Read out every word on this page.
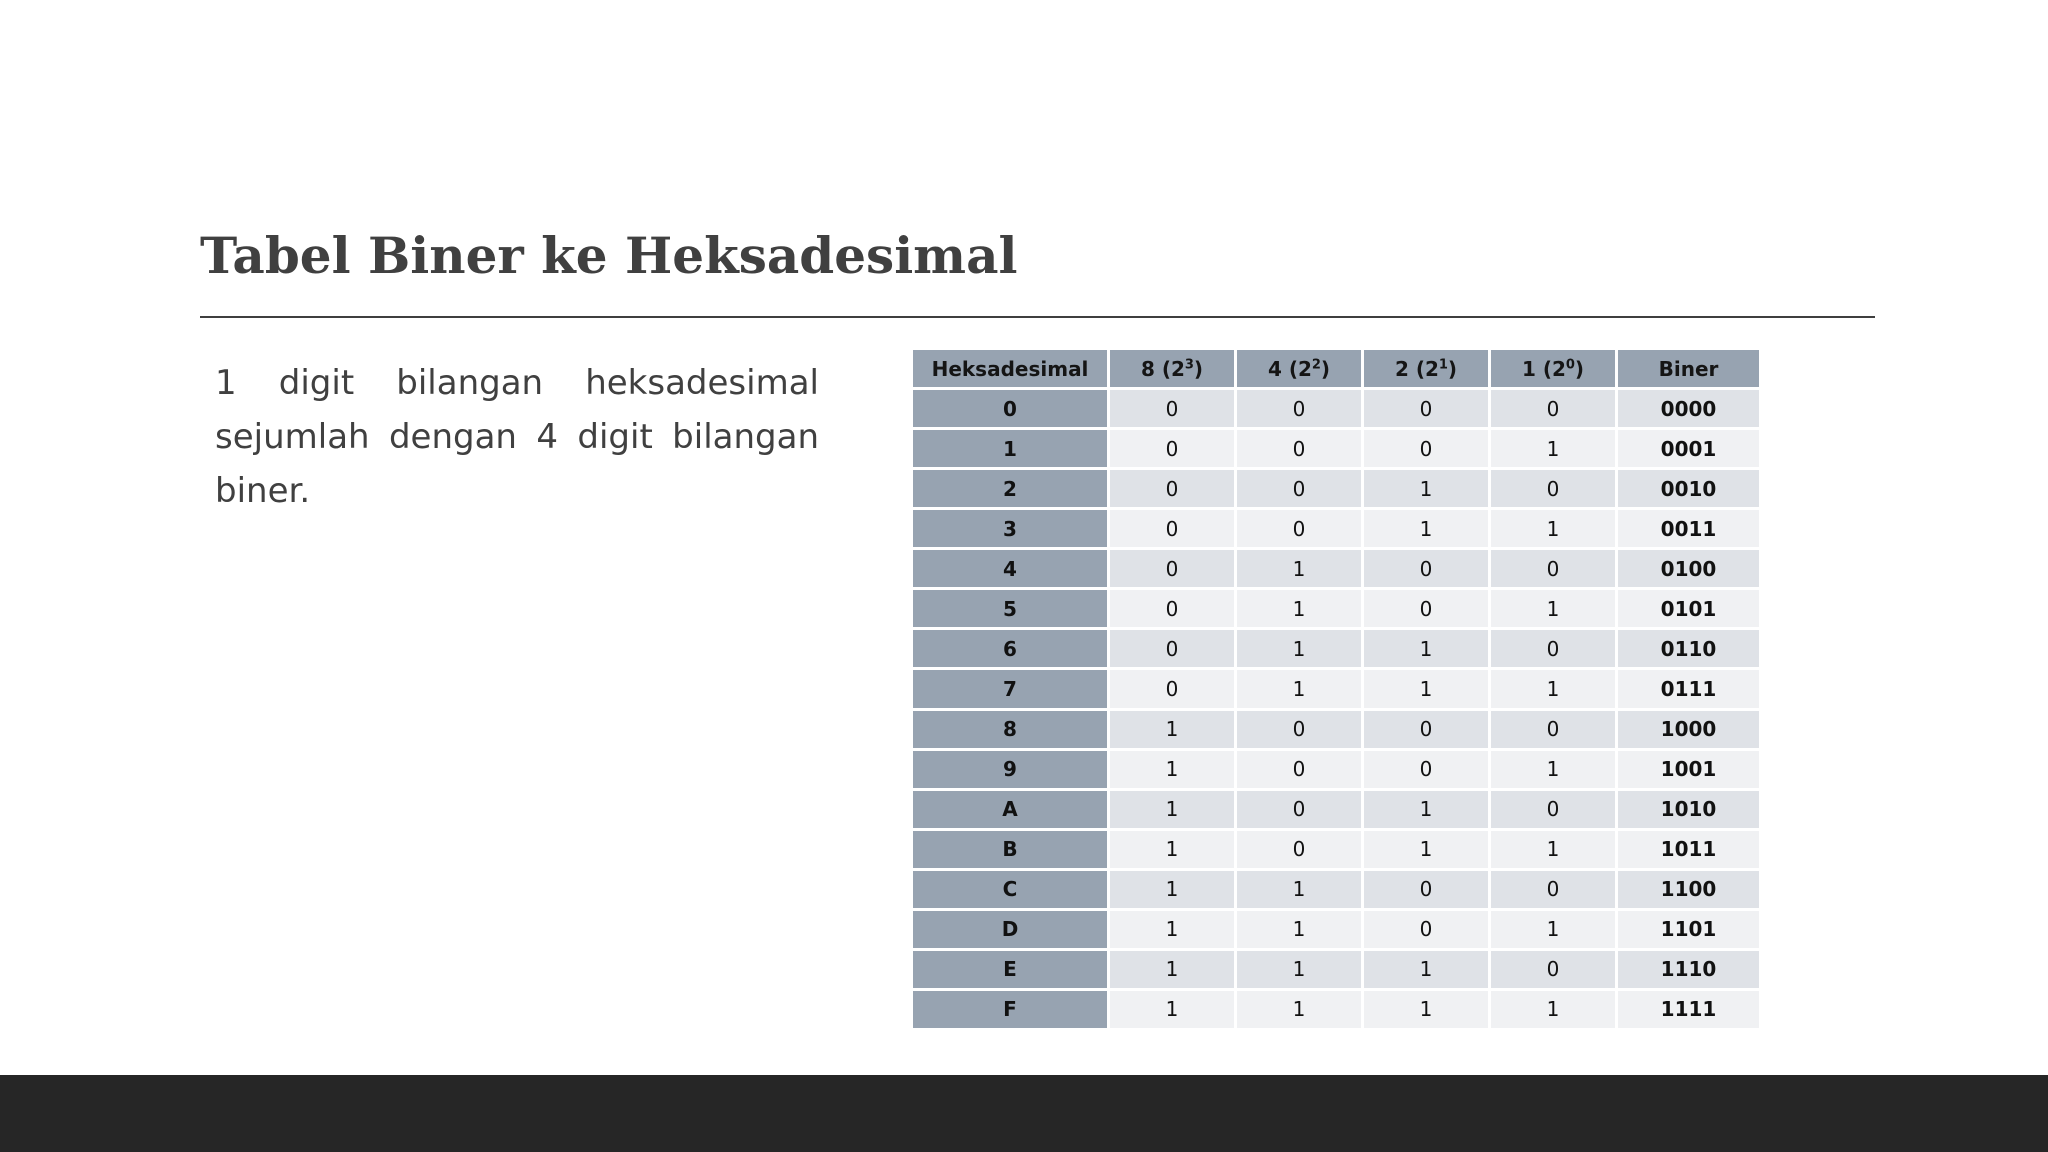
Tabel Biner ke Heksadesimal

1 digit bilangan heksadesimal sejumlah dengan 4 digit bilangan biner.

Heksadesimal	8 $(2^3)$	4 $(2^2)$	2 $(2^1)$	1 $(2^0)$	Biner
0	0	0	0	0	0000
1	0	0	0	1	0001
2	0	0	1	0	0010
3	0	0	1	1	0011
4	0	1	0	0	0100
5	0	1	0	1	0101
6	0	1	1	0	0110
7	0	1	1	1	0111
8	1	0	0	0	1000
9	1	0	0	1	1001
A	1	0	1	0	1010
B	1	0	1	1	1011
C	1	1	0	0	1100
D	1	1	0	1	1101
E	1	1	1	0	1110
F	1	1	1	1	1111
